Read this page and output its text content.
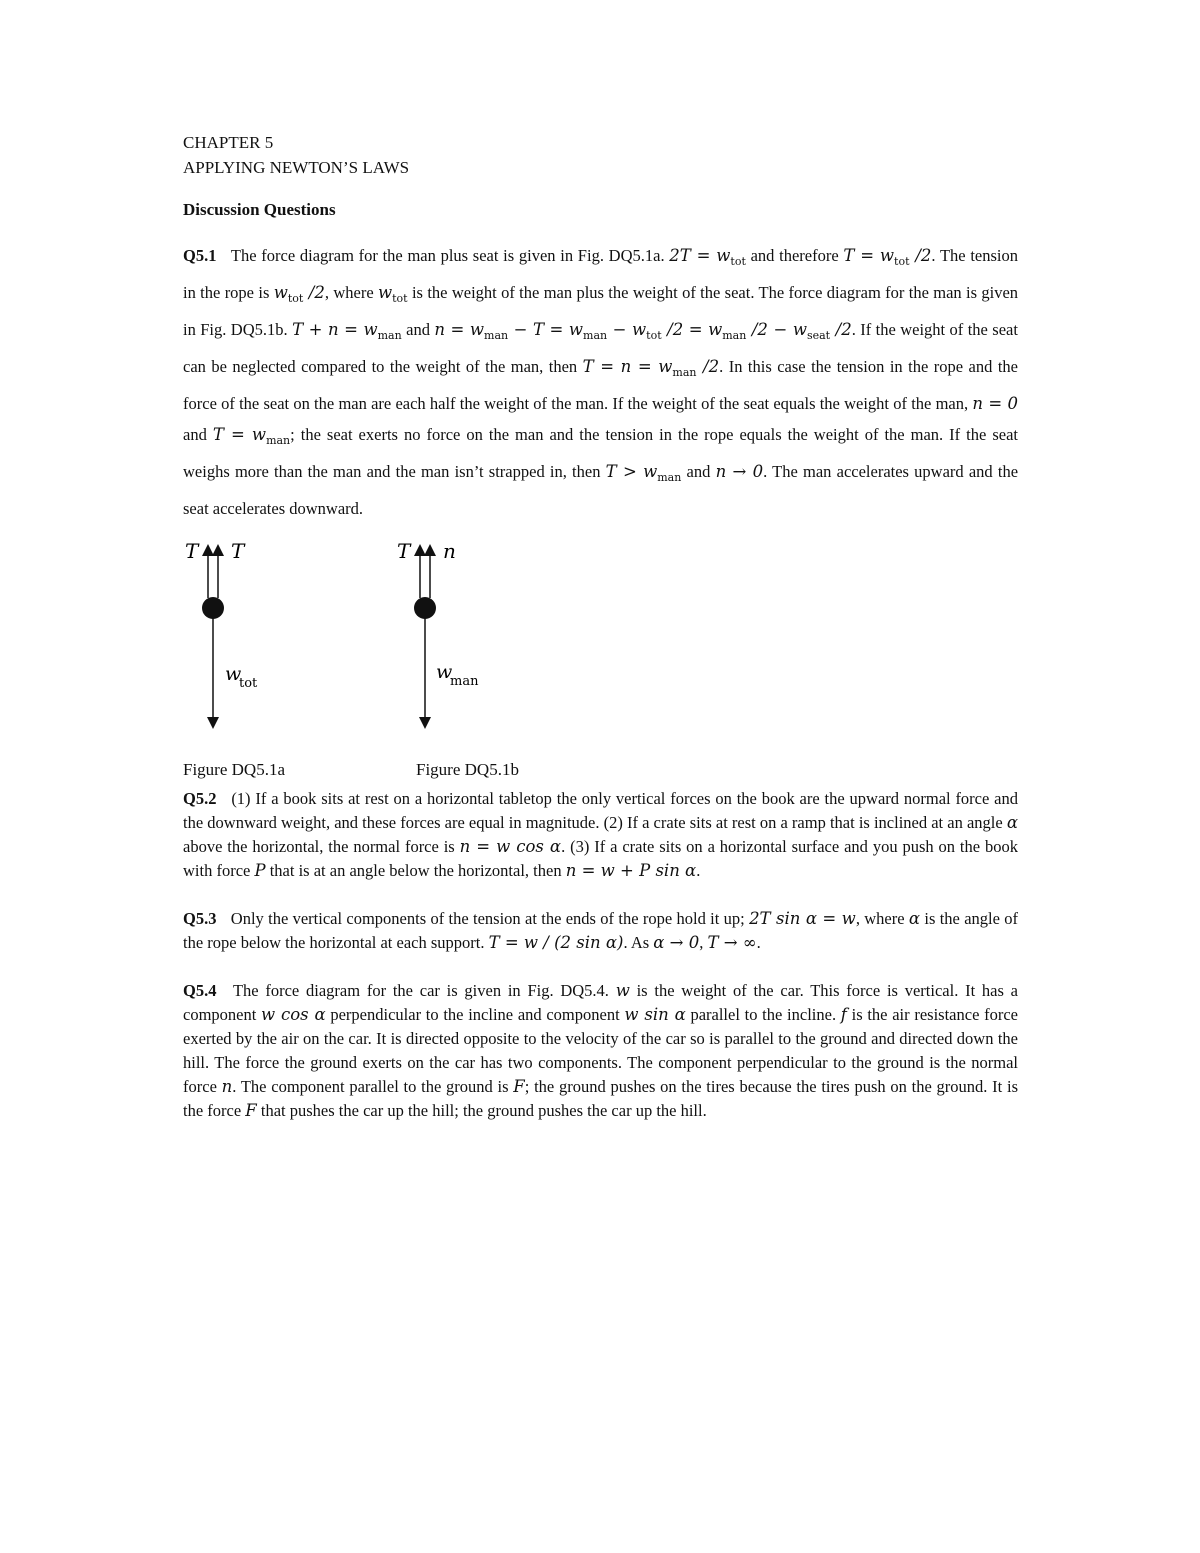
CHAPTER 5
APPLYING NEWTON’S LAWS
Discussion Questions
Q5.1 The force diagram for the man plus seat is given in Fig. DQ5.1a. $2T = w_{tot}$ and therefore $T = w_{tot}$ /2. The tension in the rope is $w_{tot}$ /2, where $w_{tot}$ is the weight of the man plus the weight of the seat. The force diagram for the man is given in Fig. DQ5.1b. $T + n = w_{man}$ and $n = w_{man} - T = w_{man} - w_{tot}$ $/2 = w_{man}$ $/2 - w_{seat}$ /2. If the weight of the seat can be neglected compared to the weight of the man, then $T = n = w_{man}$ /2. In this case the tension in the rope and the force of the seat on the man are each half the weight of the man. If the weight of the seat equals the weight of the man, n = 0 and $T = w_{man}$; the seat exerts no force on the man and the tension in the rope equals the weight of the man. If the seat weighs more than the man and the man isn’t strapped in, then $T > w_{man}$ and n → 0. The man accelerates upward and the seat accelerates downward.
T T
w
tot
T n
w
man
Figure DQ5.1a	Figure DQ5.1b
Q5.2 (1) If a book sits at rest on a horizontal tabletop the only vertical forces on the book are the upward normal force and the downward weight, and these forces are equal in magnitude. (2) If a crate sits at rest on a ramp that is inclined at an angle α above the horizontal, the normal force is n = w cos α. (3) If a crate sits on a horizontal surface and you push on the book with force P that is at an angle below the horizontal, then n = w + P sin α.
Q5.3 Only the vertical components of the tension at the ends of the rope hold it up; 2T sin α = w, where α is the angle of the rope below the horizontal at each support. T = w / (2 sin α). As α → 0, T → ∞.
Q5.4 The force diagram for the car is given in Fig. DQ5.4. w is the weight of the car. This force is vertical. It has a component w cos α perpendicular to the incline and component w sin α parallel to the incline. f is the air resistance force exerted by the air on the car. It is directed opposite to the velocity of the car so is parallel to the ground and directed down the hill. The force the ground exerts on the car has two components. The component perpendicular to the ground is the normal force n. The component parallel to the ground is F; the ground pushes on the tires because the tires push on the ground. It is the force F that pushes the car up the hill; the ground pushes the car up the hill.
